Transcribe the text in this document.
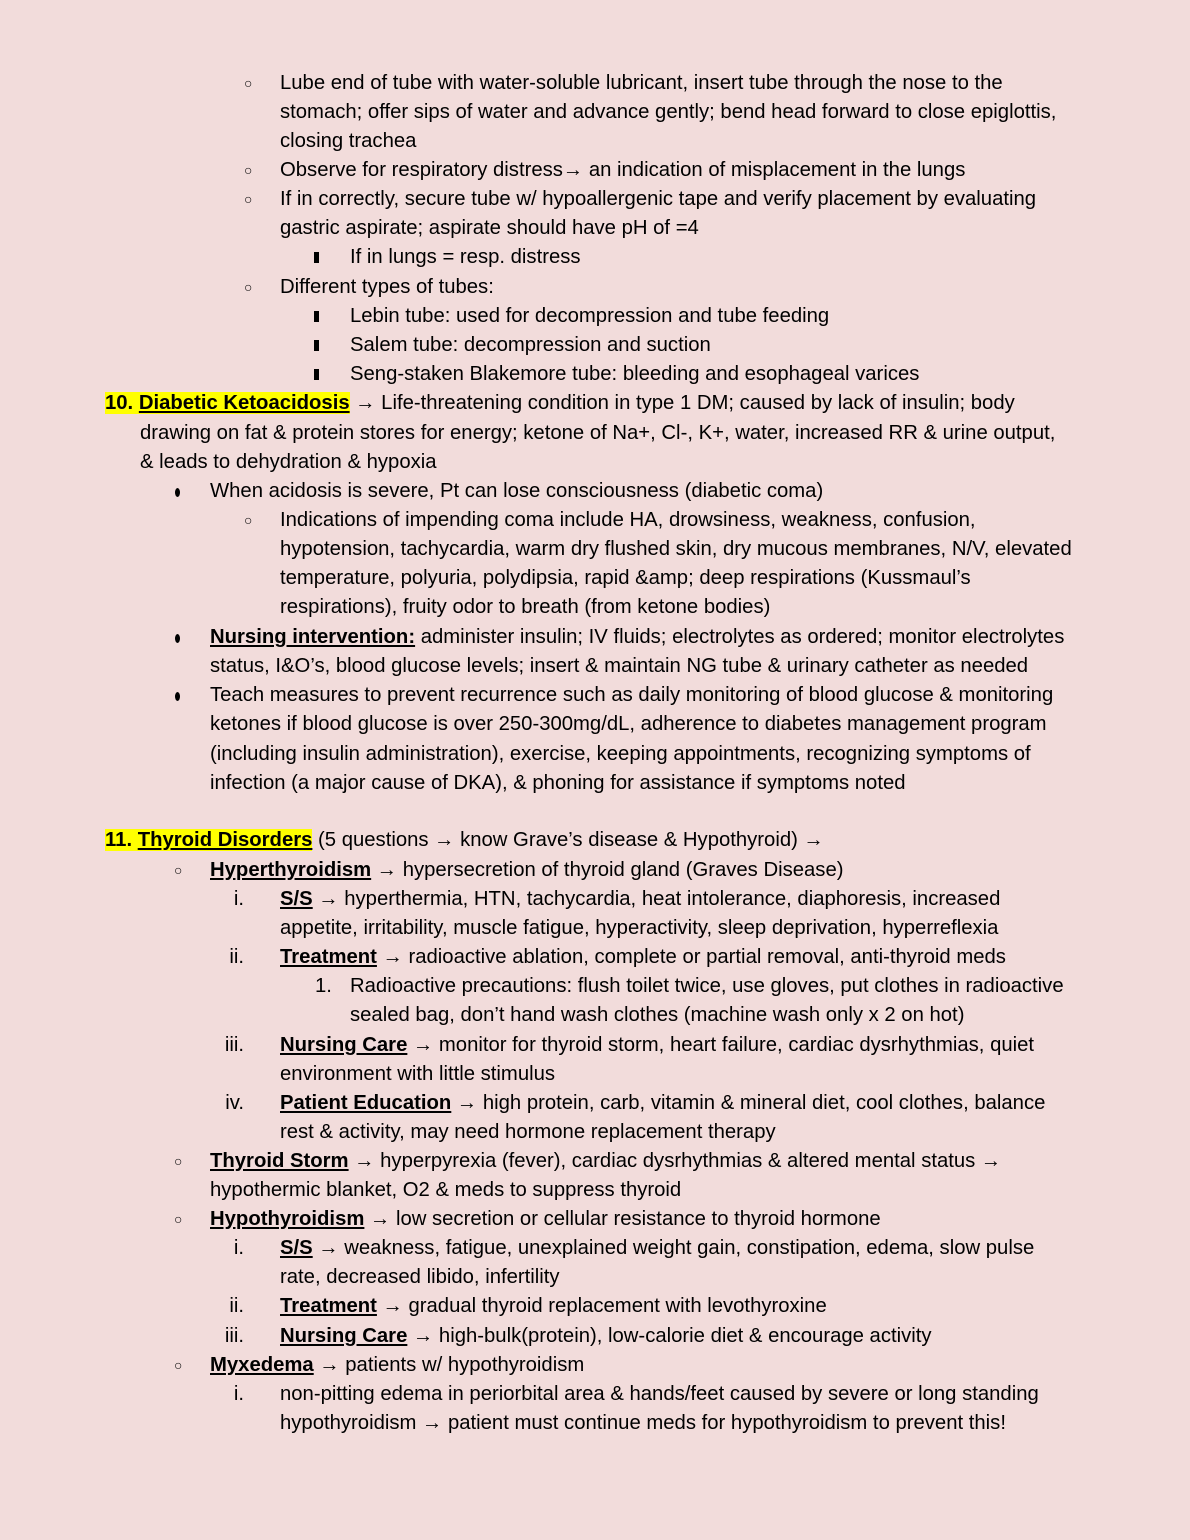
○ Lube end of tube with water-soluble lubricant, insert tube through the nose to the
stomach; offer sips of water and advance gently; bend head forward to close epiglottis,
closing trachea
○ Observe for respiratory distress→ an indication of misplacement in the lungs
○ If in correctly, secure tube w/ hypoallergenic tape and verify placement by evaluating
gastric aspirate; aspirate should have pH of =4
If in lungs = resp. distress
○ Different types of tubes:
Lebin tube: used for decompression and tube feeding
Salem tube: decompression and suction
Seng-staken Blakemore tube: bleeding and esophageal varices
10. Diabetic Ketoacidosis → Life-threatening condition in type 1 DM; caused by lack of insulin; body
drawing on fat & protein stores for energy; ketone of Na+, Cl-, K+, water, increased RR & urine output,
& leads to dehydration & hypoxia
When acidosis is severe, Pt can lose consciousness (diabetic coma)
○ Indications of impending coma include HA, drowsiness, weakness, confusion,
hypotension, tachycardia, warm dry flushed skin, dry mucous membranes, N/V, elevated
temperature, polyuria, polydipsia, rapid &amp; deep respirations (Kussmaul’s
respirations), fruity odor to breath (from ketone bodies)
Nursing intervention: administer insulin; IV fluids; electrolytes as ordered; monitor electrolytes
status, I&O’s, blood glucose levels; insert & maintain NG tube & urinary catheter as needed
Teach measures to prevent recurrence such as daily monitoring of blood glucose & monitoring
ketones if blood glucose is over 250-300mg/dL, adherence to diabetes management program
(including insulin administration), exercise, keeping appointments, recognizing symptoms of
infection (a major cause of DKA), & phoning for assistance if symptoms noted
11. Thyroid Disorders (5 questions → know Grave’s disease & Hypothyroid) →
○ Hyperthyroidism → hypersecretion of thyroid gland (Graves Disease)
i. S/S → hyperthermia, HTN, tachycardia, heat intolerance, diaphoresis, increased
appetite, irritability, muscle fatigue, hyperactivity, sleep deprivation, hyperreflexia
ii. Treatment → radioactive ablation, complete or partial removal, anti-thyroid meds
1. Radioactive precautions: flush toilet twice, use gloves, put clothes in radioactive
sealed bag, don’t hand wash clothes (machine wash only x 2 on hot)
iii. Nursing Care → monitor for thyroid storm, heart failure, cardiac dysrhythmias, quiet
environment with little stimulus
iv. Patient Education → high protein, carb, vitamin & mineral diet, cool clothes, balance
rest & activity, may need hormone replacement therapy
○ Thyroid Storm → hyperpyrexia (fever), cardiac dysrhythmias & altered mental status →
hypothermic blanket, O2 & meds to suppress thyroid
○ Hypothyroidism → low secretion or cellular resistance to thyroid hormone
i. S/S → weakness, fatigue, unexplained weight gain, constipation, edema, slow pulse
rate, decreased libido, infertility
ii. Treatment → gradual thyroid replacement with levothyroxine
iii. Nursing Care → high-bulk(protein), low-calorie diet & encourage activity
○ Myxedema → patients w/ hypothyroidism
i. non-pitting edema in periorbital area & hands/feet caused by severe or long standing
hypothyroidism → patient must continue meds for hypothyroidism to prevent this!
